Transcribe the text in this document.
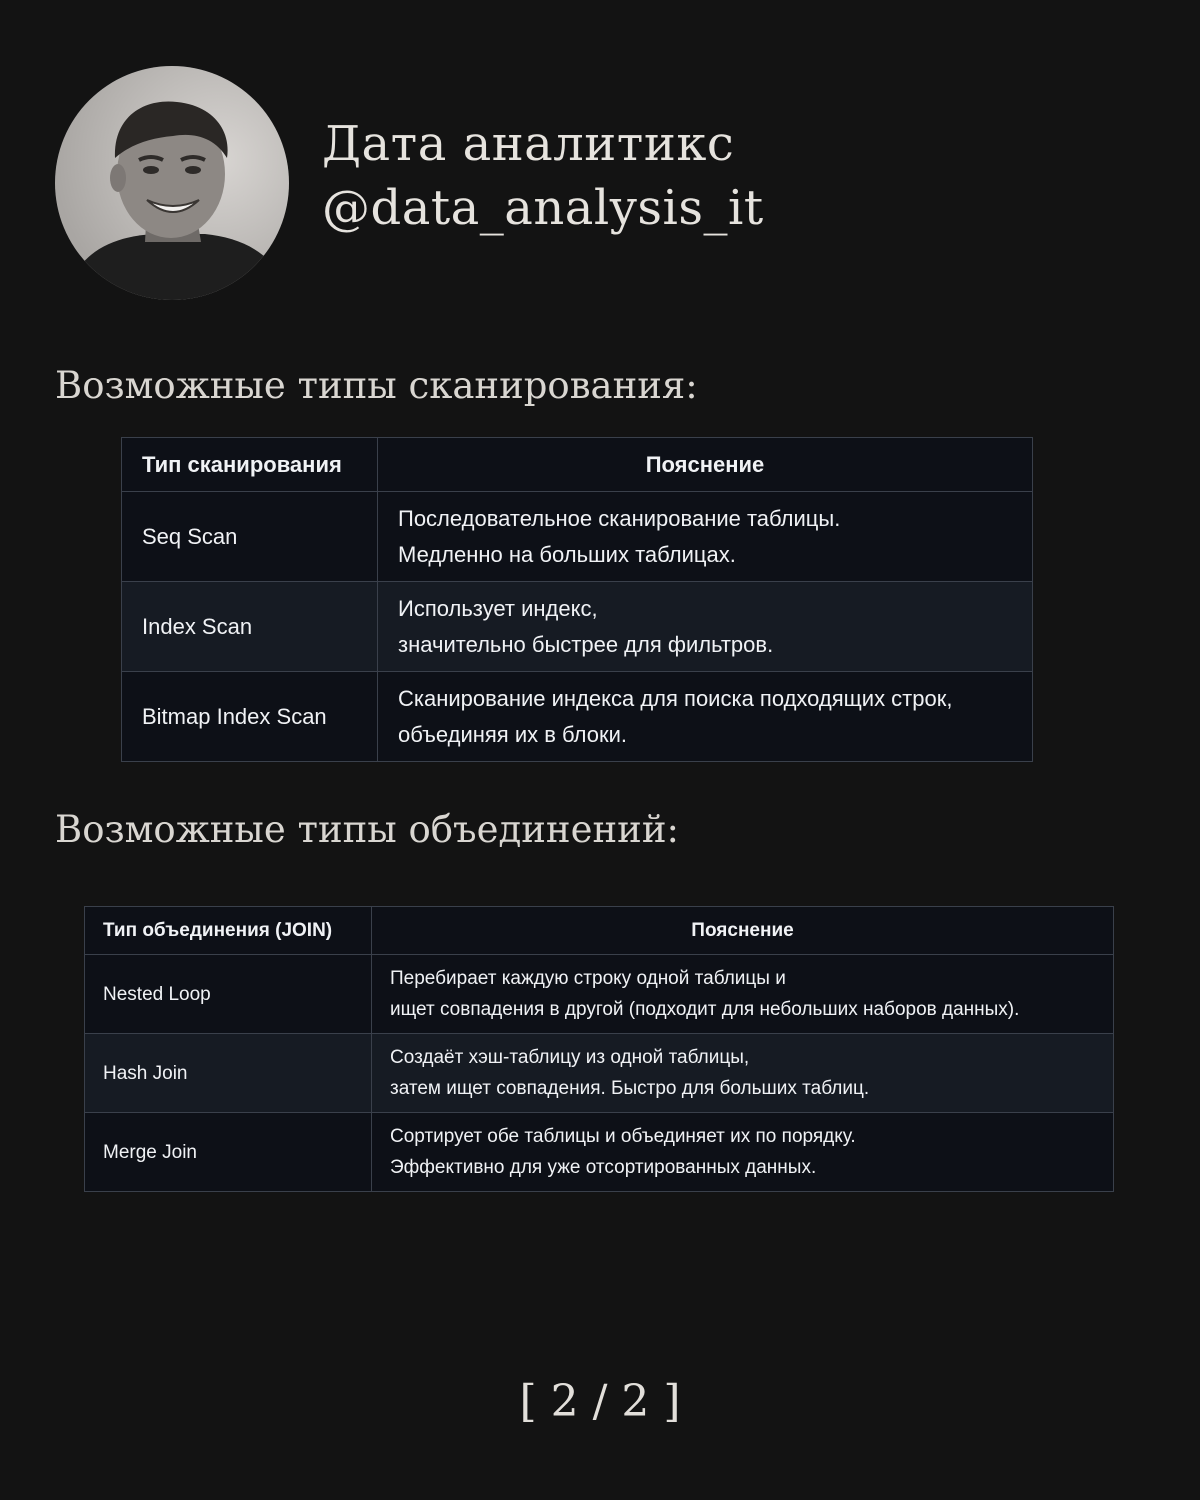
Дата аналитикс
@data_analysis_it
Возможные типы сканирования:
Тип сканирования	Пояснение
Seq Scan	Последовательное сканирование таблицы.
Медленно на больших таблицах.

Index Scan	Использует индекс,
значительно быстрее для фильтров.

Bitmap Index Scan	Сканирование индекса для поиска подходящих строк,
объединяя их в блоки.
Возможные типы объединений:
Тип объединения (JOIN)	Пояснение
Nested Loop	Перебирает каждую строку одной таблицы и
ищет совпадения в другой (подходит для небольших наборов данных).

Hash Join	Создаёт хэш-таблицу из одной таблицы,
затем ищет совпадения. Быстро для больших таблиц.

Merge Join	Сортирует обе таблицы и объединяет их по порядку.
Эффективно для уже отсортированных данных.
[ 2 / 2 ]
